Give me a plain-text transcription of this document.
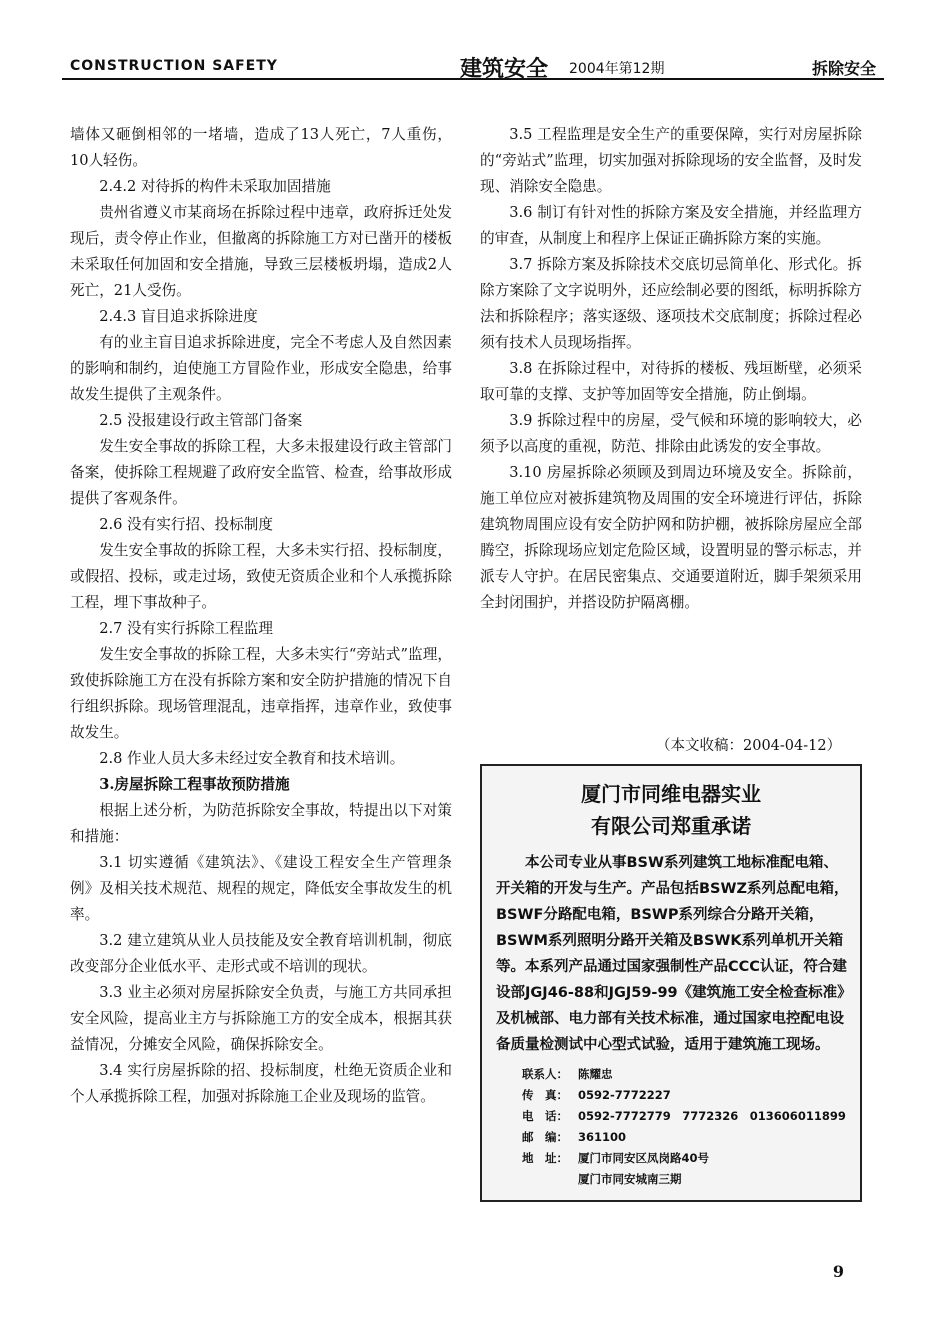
CONSTRUCTION SAFETY	建筑安全 2004年第12期	拆除安全

墙体又砸倒相邻的一堵墙，造成了13人死亡，7人重伤，10人轻伤。

2.4.2 对待拆的构件未采取加固措施

贵州省遵义市某商场在拆除过程中违章，政府拆迁处发现后，责令停止作业，但撤离的拆除施工方对已凿开的楼板未采取任何加固和安全措施，导致三层楼板坍塌，造成2人死亡，21人受伤。

2.4.3 盲目追求拆除进度

有的业主盲目追求拆除进度，完全不考虑人及自然因素的影响和制约，迫使施工方冒险作业，形成安全隐患，给事故发生提供了主观条件。

2.5 没报建设行政主管部门备案

发生安全事故的拆除工程，大多未报建设行政主管部门备案，使拆除工程规避了政府安全监管、检查，给事故形成提供了客观条件。

2.6 没有实行招、投标制度

发生安全事故的拆除工程，大多未实行招、投标制度，或假招、投标，或走过场，致使无资质企业和个人承揽拆除工程，埋下事故种子。

2.7 没有实行拆除工程监理

发生安全事故的拆除工程，大多未实行“旁站式”监理，致使拆除施工方在没有拆除方案和安全防护措施的情况下自行组织拆除。现场管理混乱，违章指挥，违章作业，致使事故发生。

2.8 作业人员大多未经过安全教育和技术培训。

3.房屋拆除工程事故预防措施

根据上述分析，为防范拆除安全事故，特提出以下对策和措施：

3.1 切实遵循《建筑法》、《建设工程安全生产管理条例》及相关技术规范、规程的规定，降低安全事故发生的机率。

3.2 建立建筑从业人员技能及安全教育培训机制，彻底改变部分企业低水平、走形式或不培训的现状。

3.3 业主必须对房屋拆除安全负责，与施工方共同承担安全风险，提高业主方与拆除施工方的安全成本，根据其获益情况，分摊安全风险，确保拆除安全。

3.4 实行房屋拆除的招、投标制度，杜绝无资质企业和个人承揽拆除工程，加强对拆除施工企业及现场的监管。

3.5 工程监理是安全生产的重要保障，实行对房屋拆除的“旁站式”监理，切实加强对拆除现场的安全监督，及时发现、消除安全隐患。

3.6 制订有针对性的拆除方案及安全措施，并经监理方的审查，从制度上和程序上保证正确拆除方案的实施。

3.7 拆除方案及拆除技术交底切忌简单化、形式化。拆除方案除了文字说明外，还应绘制必要的图纸，标明拆除方法和拆除程序；落实逐级、逐项技术交底制度；拆除过程必须有技术人员现场指挥。

3.8 在拆除过程中，对待拆的楼板、残垣断壁，必须采取可靠的支撑、支护等加固等安全措施，防止倒塌。

3.9 拆除过程中的房屋，受气候和环境的影响较大，必须予以高度的重视，防范、排除由此诱发的安全事故。

3.10 房屋拆除必须顾及到周边环境及安全。拆除前，施工单位应对被拆建筑物及周围的安全环境进行评估，拆除建筑物周围应设有安全防护网和防护棚，被拆除房屋应全部腾空，拆除现场应划定危险区域，设置明显的警示标志，并派专人守护。在居民密集点、交通要道附近，脚手架须采用全封闭围护，并搭设防护隔离棚。

（本文收稿：2004-04-12）
厦门市同维电器实业
有限公司郑重承诺
本公司专业从事BSW系列建筑工地标准配电箱、开关箱的开发与生产。产品包括BSWZ系列总配电箱，BSWF分路配电箱，BSWP系列综合分路开关箱，BSWM系列照明分路开关箱及BSWK系列单机开关箱等。本系列产品通过国家强制性产品CCC认证，符合建设部JGJ46-88和JGJ59-99《建筑施工安全检查标准》及机械部、电力部有关技术标准，通过国家电控配电设备质量检测试中心型式试验，适用于建筑施工现场。
联系人： 陈耀忠
传　真： 0592-7772227
电　话： 0592-7772779　7772326　013606011899
邮　编： 361100
地　址： 厦门市同安区凤岗路40号
厦门市同安城南三期
9
